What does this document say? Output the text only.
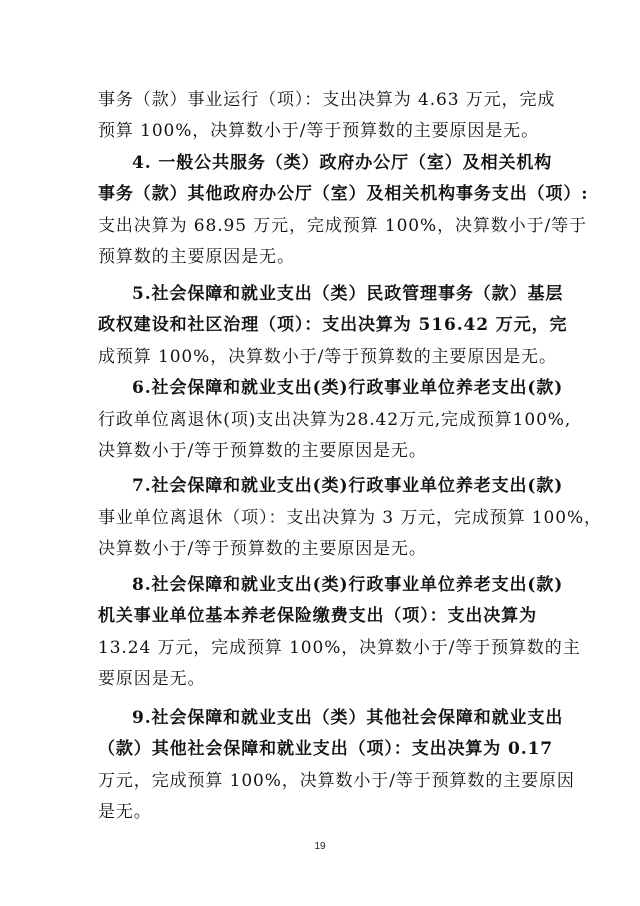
事务（款）事业运行（项）：支出决算为 4.63 万元，完成
预算 100%，决算数小于/等于预算数的主要原因是无。
4. 一般公共服务（类）政府办公厅（室）及相关机构
事务（款）其他政府办公厅（室）及相关机构事务支出（项）:
支出决算为 68.95 万元，完成预算 100%，决算数小于/等于
预算数的主要原因是无。
5.社会保障和就业支出（类）民政管理事务（款）基层
政权建设和社区治理（项）：支出决算为 516.42 万元，完
成预算 100%，决算数小于/等于预算数的主要原因是无。
6.社会保障和就业支出(类)行政事业单位养老支出(款)
行政单位离退休(项)支出决算为28.42万元,完成预算100%,
决算数小于/等于预算数的主要原因是无。
7.社会保障和就业支出(类)行政事业单位养老支出(款)
事业单位离退休（项）：支出决算为 3 万元，完成预算 100%，
决算数小于/等于预算数的主要原因是无。
8.社会保障和就业支出(类)行政事业单位养老支出(款)
机关事业单位基本养老保险缴费支出（项）：支出决算为
13.24 万元，完成预算 100%，决算数小于/等于预算数的主
要原因是无。
9.社会保障和就业支出（类）其他社会保障和就业支出
（款）其他社会保障和就业支出（项）：支出决算为 0.17
万元，完成预算 100%，决算数小于/等于预算数的主要原因
是无。
19
